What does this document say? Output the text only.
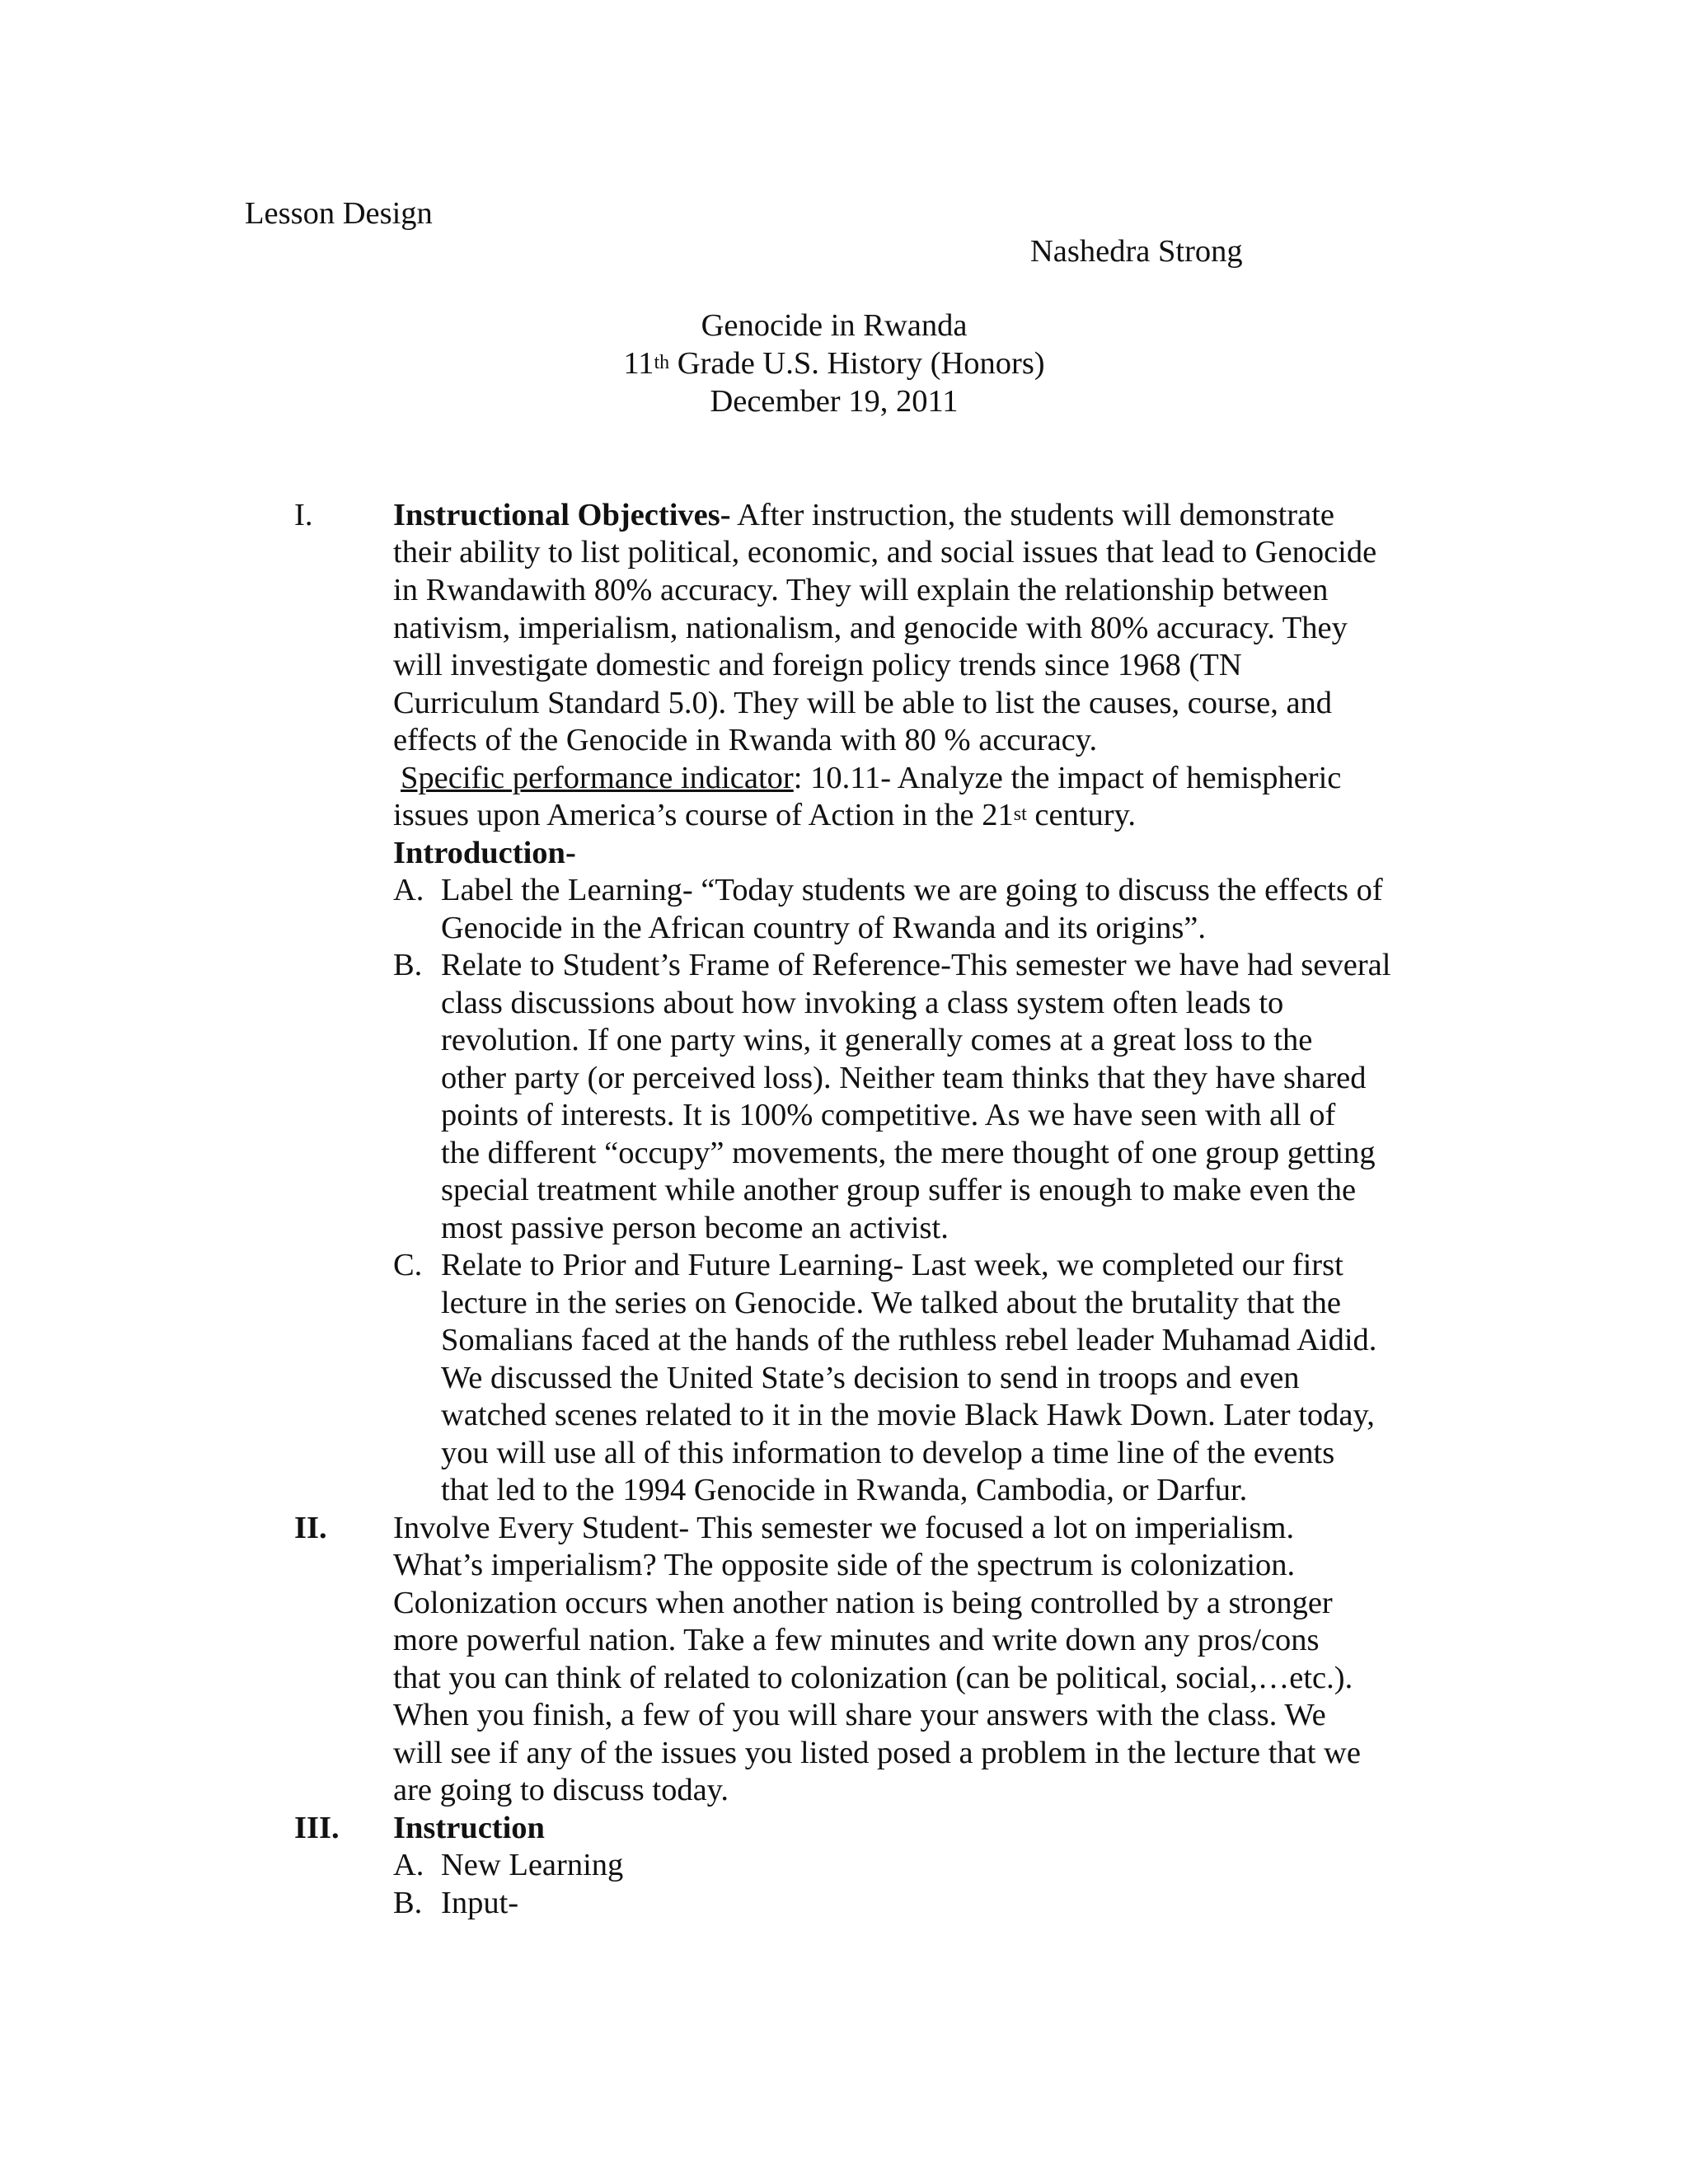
Lesson Design
Nashedra Strong
Genocide in Rwanda
11th Grade U.S. History (Honors)
December 19, 2011
I.	Instructional Objectives- After instruction, the students will demonstrate
their ability to list political, economic, and social issues that lead to Genocide
in Rwandawith 80% accuracy. They will explain the relationship between
nativism, imperialism, nationalism, and genocide with 80% accuracy. They
will investigate domestic and foreign policy trends since 1968 (TN
Curriculum Standard 5.0). They will be able to list the causes, course, and
effects of the Genocide in Rwanda with 80 % accuracy.
Specific performance indicator: 10.11- Analyze the impact of hemispheric
issues upon America’s course of Action in the 21st century.
Introduction-
A. Label the Learning- “Today students we are going to discuss the effects of
Genocide in the African country of Rwanda and its origins”.
B. Relate to Student’s Frame of Reference-This semester we have had several
class discussions about how invoking a class system often leads to
revolution. If one party wins, it generally comes at a great loss to the
other party (or perceived loss). Neither team thinks that they have shared
points of interests. It is 100% competitive. As we have seen with all of
the different “occupy” movements, the mere thought of one group getting
special treatment while another group suffer is enough to make even the
most passive person become an activist.
C. Relate to Prior and Future Learning- Last week, we completed our first
lecture in the series on Genocide. We talked about the brutality that the
Somalians faced at the hands of the ruthless rebel leader Muhamad Aidid.
We discussed the United State’s decision to send in troops and even
watched scenes related to it in the movie Black Hawk Down. Later today,
you will use all of this information to develop a time line of the events
that led to the 1994 Genocide in Rwanda, Cambodia, or Darfur.
II. Involve Every Student- This semester we focused a lot on imperialism.
What’s imperialism? The opposite side of the spectrum is colonization.
Colonization occurs when another nation is being controlled by a stronger
more powerful nation. Take a few minutes and write down any pros/cons
that you can think of related to colonization (can be political, social,…etc.).
When you finish, a few of you will share your answers with the class. We
will see if any of the issues you listed posed a problem in the lecture that we
are going to discuss today.
III. Instruction
A. New Learning
B. Input-
